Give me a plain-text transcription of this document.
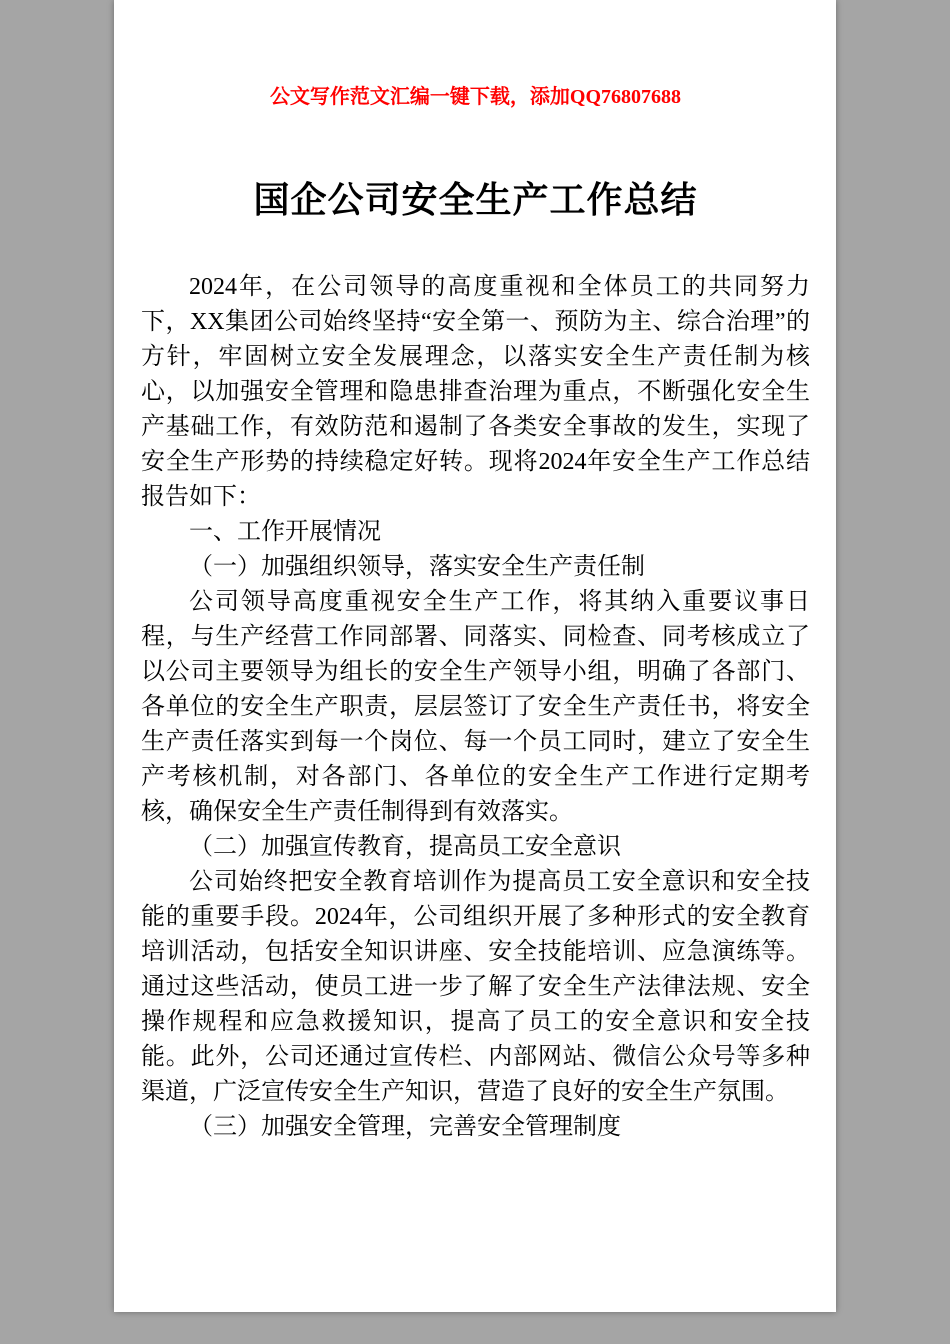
公文写作范文汇编一键下载，添加QQ76807688
国企公司安全生产工作总结

2024年，在公司领导的高度重视和全体员工的共同努力下，XX集团公司始终坚持“安全第一、预防为主、综合治理”的方针，牢固树立安全发展理念，以落实安全生产责任制为核心，以加强安全管理和隐患排查治理为重点，不断强化安全生产基础工作，有效防范和遏制了各类安全事故的发生，实现了安全生产形势的持续稳定好转。现将2024年安全生产工作总结报告如下：

一、工作开展情况

（一）加强组织领导，落实安全生产责任制

公司领导高度重视安全生产工作，将其纳入重要议事日程，与生产经营工作同部署、同落实、同检查、同考核成立了以公司主要领导为组长的安全生产领导小组，明确了各部门、各单位的安全生产职责，层层签订了安全生产责任书，将安全生产责任落实到每一个岗位、每一个员工同时，建立了安全生产考核机制，对各部门、各单位的安全生产工作进行定期考核，确保安全生产责任制得到有效落实。

（二）加强宣传教育，提高员工安全意识

公司始终把安全教育培训作为提高员工安全意识和安全技能的重要手段。2024年，公司组织开展了多种形式的安全教育培训活动，包括安全知识讲座、安全技能培训、应急演练等。通过这些活动，使员工进一步了解了安全生产法律法规、安全操作规程和应急救援知识，提高了员工的安全意识和安全技能。此外，公司还通过宣传栏、内部网站、微信公众号等多种渠道，广泛宣传安全生产知识，营造了良好的安全生产氛围。

（三）加强安全管理，完善安全管理制度
